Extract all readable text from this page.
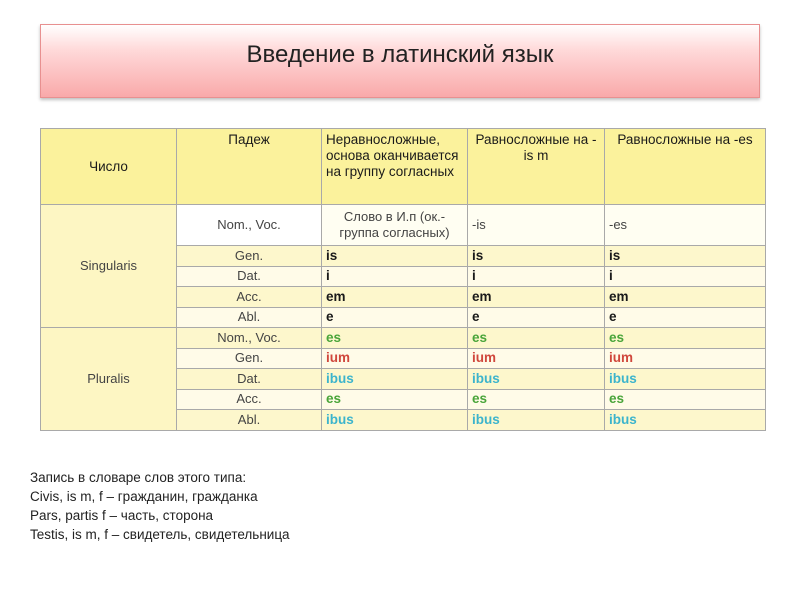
Введение в латинский язык
Число	Падеж	Неравносложные, основа оканчивается на группу согласных	Равносложные на -is m	Равносложные на -es
Singularis	Nom., Voc.	Слово в И.п (ок.-группа согласных)	-is	-es
	Gen.	is	is	is
	Dat.	i	i	i
	Acc.	em	em	em
	Abl.	e	e	e
Pluralis	Nom., Voc.	es	es	es
	Gen.	ium	ium	ium
	Dat.	ibus	ibus	ibus
	Acc.	es	es	es
	Abl.	ibus	ibus	ibus
Запись в словаре слов этого типа:
Civis, is m, f – гражданин, гражданка
Pars, partis f – часть, сторона
Testis, is m, f – свидетель, свидетельница
